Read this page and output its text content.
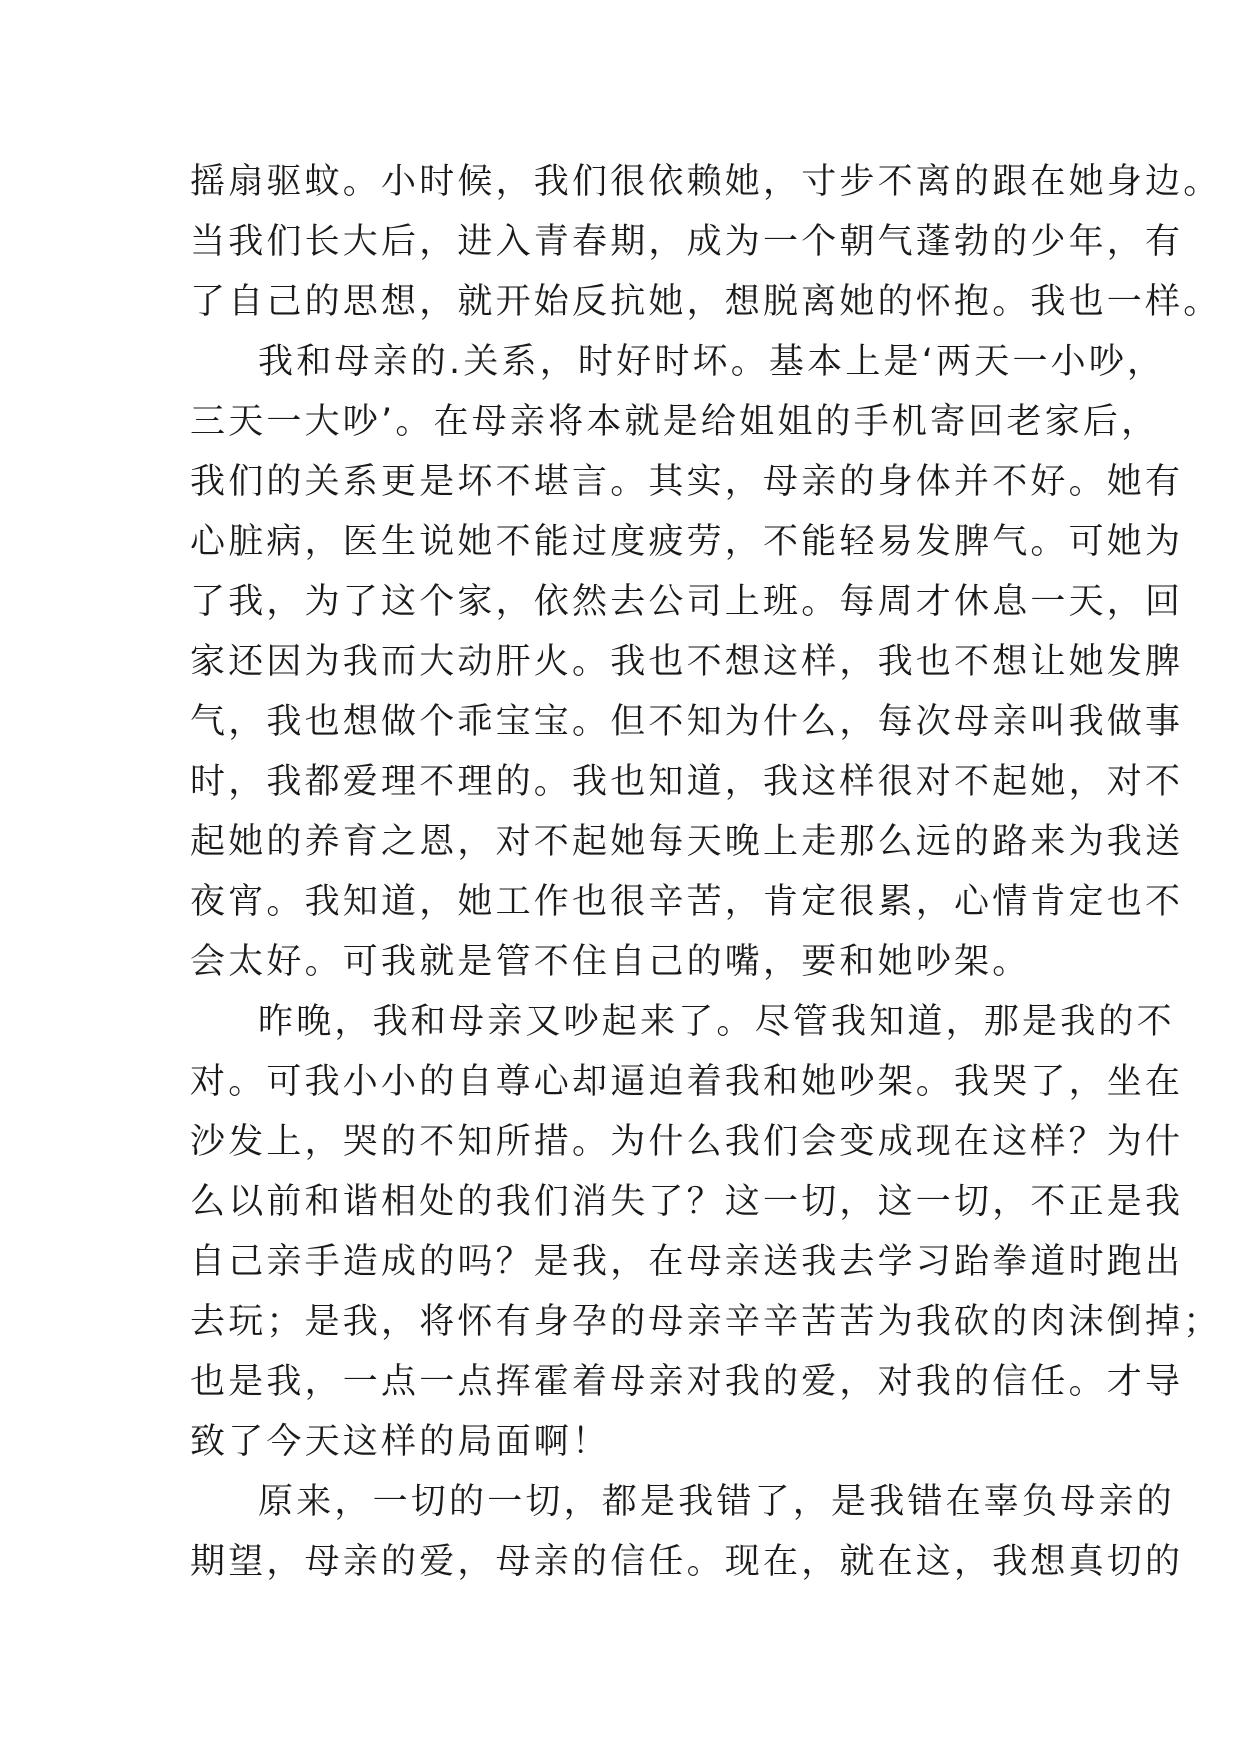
摇扇驱蚊。小时候，我们很依赖她，寸步不离的跟在她身边。
当我们长大后，进入青春期，成为一个朝气蓬勃的少年，有
了自己的思想，就开始反抗她，想脱离她的怀抱。我也一样。
我和母亲的.关系，时好时坏。基本上是‘两天一小吵，
三天一大吵’。在母亲将本就是给姐姐的手机寄回老家后，
我们的关系更是坏不堪言。其实，母亲的身体并不好。她有
心脏病，医生说她不能过度疲劳，不能轻易发脾气。可她为
了我，为了这个家，依然去公司上班。每周才休息一天，回
家还因为我而大动肝火。我也不想这样，我也不想让她发脾
气，我也想做个乖宝宝。但不知为什么，每次母亲叫我做事
时，我都爱理不理的。我也知道，我这样很对不起她，对不
起她的养育之恩，对不起她每天晚上走那么远的路来为我送
夜宵。我知道，她工作也很辛苦，肯定很累，心情肯定也不
会太好。可我就是管不住自己的嘴，要和她吵架。
昨晚，我和母亲又吵起来了。尽管我知道，那是我的不
对。可我小小的自尊心却逼迫着我和她吵架。我哭了，坐在
沙发上，哭的不知所措。为什么我们会变成现在这样？为什
么以前和谐相处的我们消失了？这一切，这一切，不正是我
自己亲手造成的吗？是我，在母亲送我去学习跆拳道时跑出
去玩；是我，将怀有身孕的母亲辛辛苦苦为我砍的肉沫倒掉；
也是我，一点一点挥霍着母亲对我的爱，对我的信任。才导
致了今天这样的局面啊！
原来，一切的一切，都是我错了，是我错在辜负母亲的
期望，母亲的爱，母亲的信任。现在，就在这，我想真切的
